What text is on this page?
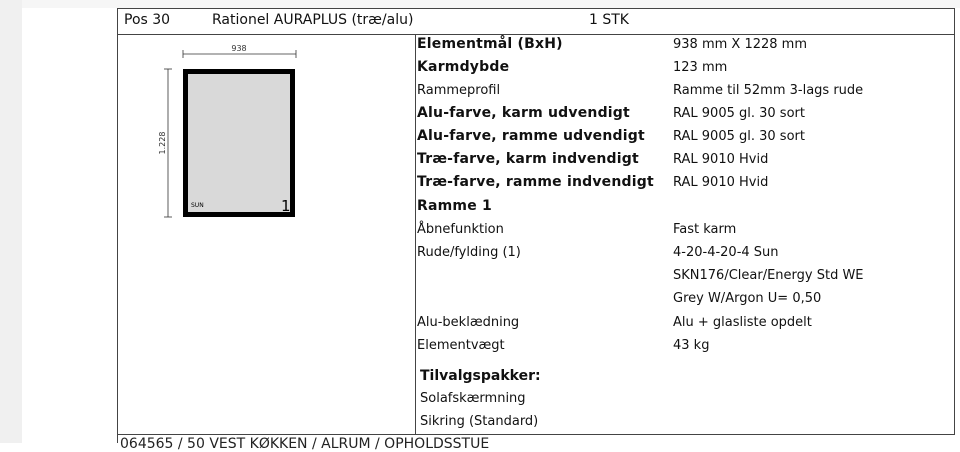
Pos 30	Rationel AURAPLUS (træ/alu)	1 STK
938
1.228
SUN	1
Elementmål (BxH)	938 mm X 1228 mm
Karmdybde	123 mm
Rammeprofil	Ramme til 52mm 3-lags rude
Alu-farve, karm udvendigt	RAL 9005 gl. 30 sort
Alu-farve, ramme udvendigt RAL 9005 gl. 30 sort
Træ-farve, karm indvendigt	RAL 9010 Hvid
Træ-farve, ramme indvendigt RAL 9010 Hvid
Ramme 1
Åbnefunktion	Fast karm
Rude/fylding (1)	4-20-4-20-4 Sun
SKN176/Clear/Energy Std WE
Grey W/Argon U= 0,50
Alu-beklædning	Alu + glasliste opdelt
Elementvægt	43 kg
Tilvalgspakker:
Solafskærmning
Sikring (Standard)
064565 / 50 VEST KØKKEN / ALRUM / OPHOLDSSTUE
